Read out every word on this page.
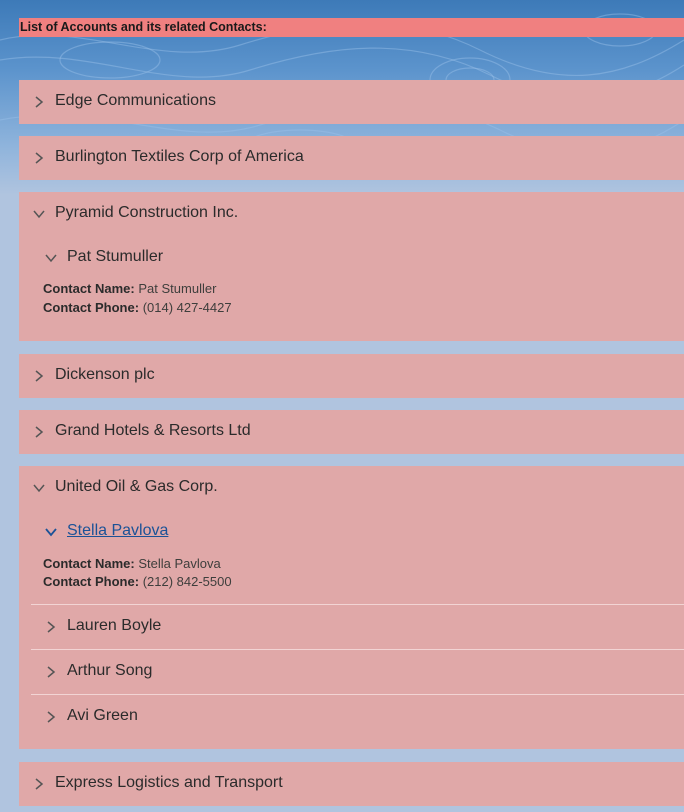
List of Accounts and its related Contacts:
Edge Communications
Burlington Textiles Corp of America
Pyramid Construction Inc.
Pat Stumuller
Contact Name: Pat Stumuller
Contact Phone: (014) 427-4427
Dickenson plc
Grand Hotels & Resorts Ltd
United Oil & Gas Corp.
Stella Pavlova
Contact Name: Stella Pavlova
Contact Phone: (212) 842-5500
Lauren Boyle
Arthur Song
Avi Green
Express Logistics and Transport
